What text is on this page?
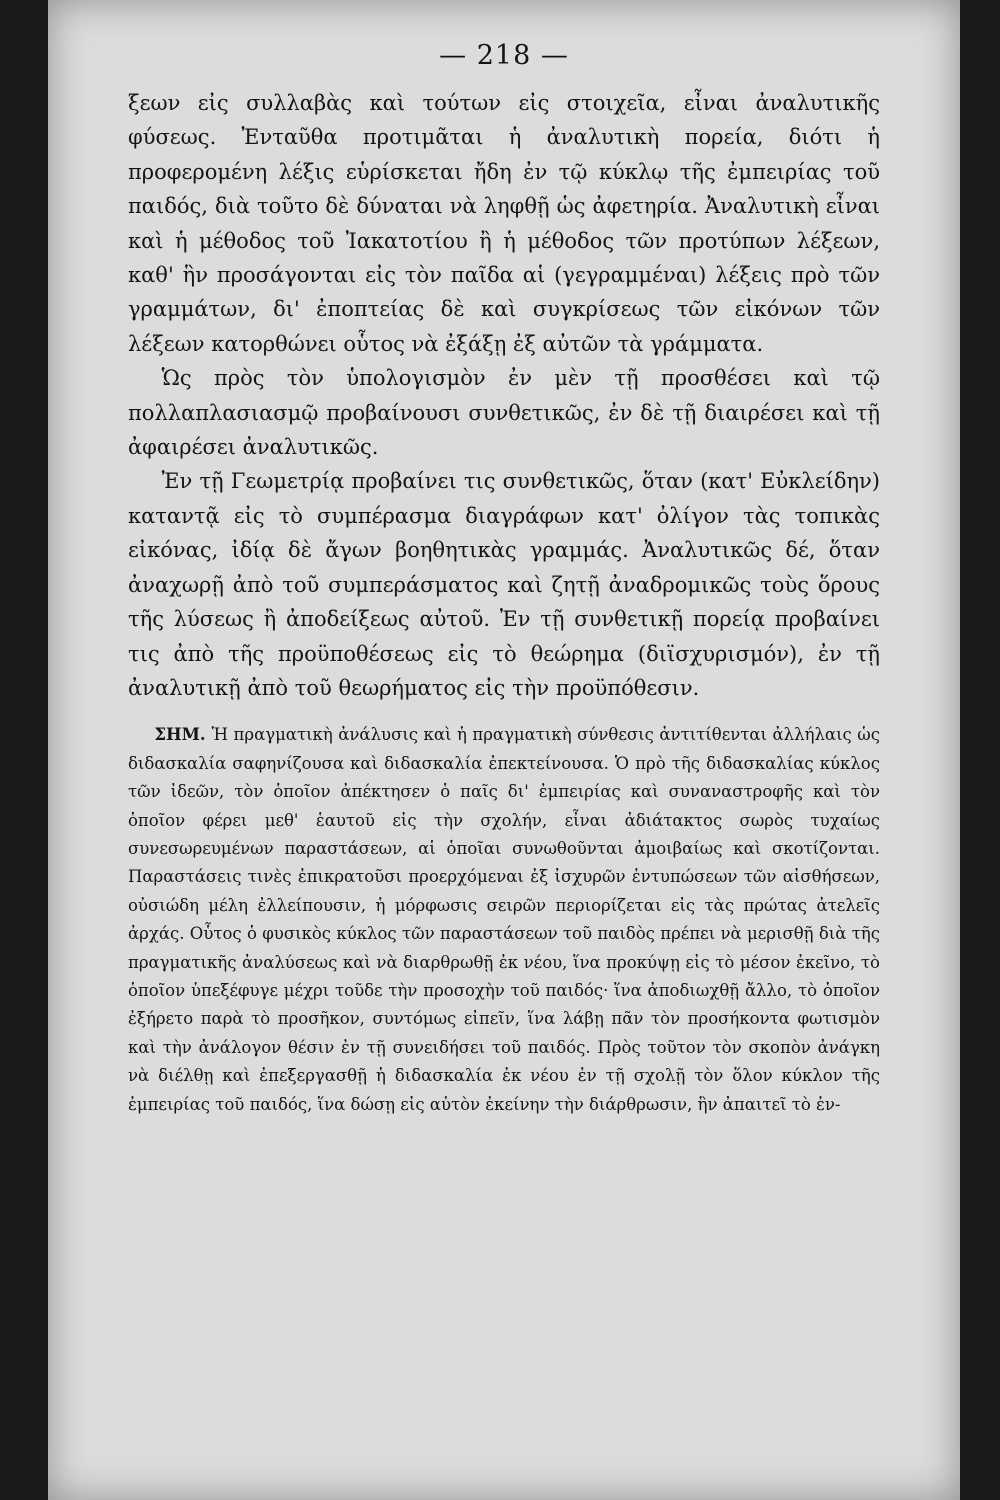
— 218 —

ξεων εἰς συλλαβὰς καὶ τούτων εἰς στοιχεῖα, εἶναι ἀναλυτικῆς φύσεως. Ἐνταῦθα προτιμᾶται ἡ ἀναλυτικὴ πορεία, διότι ἡ προφερομένη λέξις εὑρίσκεται ἤδη ἐν τῷ κύκλῳ τῆς ἐμπειρίας τοῦ παιδός, διὰ τοῦτο δὲ δύναται νὰ ληφθῇ ὡς ἀφετηρία. Ἀναλυτικὴ εἶναι καὶ ἡ μέθοδος τοῦ Ἰακατοτίου ἢ ἡ μέθοδος τῶν προτύπων λέξεων, καθ' ἣν προσάγονται εἰς τὸν παῖδα αἱ (γεγραμμέναι) λέξεις πρὸ τῶν γραμμάτων, δι' ἐποπτείας δὲ καὶ συγκρίσεως τῶν εἰκόνων τῶν λέξεων κατορθώνει οὗτος νὰ ἐξάξῃ ἐξ αὐτῶν τὰ γράμματα.

Ὡς πρὸς τὸν ὑπολογισμὸν ἐν μὲν τῇ προσθέσει καὶ τῷ πολλαπλασιασμῷ προβαίνουσι συνθετικῶς, ἐν δὲ τῇ διαιρέσει καὶ τῇ ἀφαιρέσει ἀναλυτικῶς.

Ἐν τῇ Γεωμετρίᾳ προβαίνει τις συνθετικῶς, ὅταν (κατ' Εὐκλείδην) καταντᾷ εἰς τὸ συμπέρασμα διαγράφων κατ' ὀλίγον τὰς τοπικὰς εἰκόνας, ἰδίᾳ δὲ ἄγων βοηθητικὰς γραμμάς. Ἀναλυτικῶς δέ, ὅταν ἀναχωρῇ ἀπὸ τοῦ συμπεράσματος καὶ ζητῇ ἀναδρομικῶς τοὺς ὅρους τῆς λύσεως ἢ ἀποδείξεως αὐτοῦ. Ἐν τῇ συνθετικῇ πορείᾳ προβαίνει τις ἀπὸ τῆς προϋποθέσεως εἰς τὸ θεώρημα (διϊσχυρισμόν), ἐν τῇ ἀναλυτικῇ ἀπὸ τοῦ θεωρήματος εἰς τὴν προϋπόθεσιν.

ΣΗΜ. Ἡ πραγματικὴ ἀνάλυσις καὶ ἡ πραγματικὴ σύνθεσις ἀντιτίθενται ἀλλήλαις ὡς διδασκαλία σαφηνίζουσα καὶ διδασκαλία ἐπεκτείνουσα. Ὁ πρὸ τῆς διδασκαλίας κύκλος τῶν ἰδεῶν, τὸν ὁποῖον ἀπέκτησεν ὁ παῖς δι' ἐμπειρίας καὶ συναναστροφῆς καὶ τὸν ὁποῖον φέρει μεθ' ἑαυτοῦ εἰς τὴν σχολήν, εἶναι ἀδιάτακτος σωρὸς τυχαίως συνεσωρευμένων παραστάσεων, αἱ ὁποῖαι συνωθοῦνται ἀμοιβαίως καὶ σκοτίζονται. Παραστάσεις τινὲς ἐπικρατοῦσι προερχόμεναι ἐξ ἰσχυρῶν ἐντυπώσεων τῶν αἰσθήσεων, οὐσιώδη μέλη ἐλλείπουσιν, ἡ μόρφωσις σειρῶν περιορίζεται εἰς τὰς πρώτας ἀτελεῖς ἀρχάς. Οὗτος ὁ φυσικὸς κύκλος τῶν παραστάσεων τοῦ παιδὸς πρέπει νὰ μερισθῇ διὰ τῆς πραγματικῆς ἀναλύσεως καὶ νὰ διαρθρωθῇ ἐκ νέου, ἵνα προκύψῃ εἰς τὸ μέσον ἐκεῖνο, τὸ ὁποῖον ὑπεξέφυγε μέχρι τοῦδε τὴν προσοχὴν τοῦ παιδός· ἵνα ἀποδιωχθῇ ἄλλο, τὸ ὁποῖον ἐξήρετο παρὰ τὸ προσῆκον, συντόμως εἰπεῖν, ἵνα λάβῃ πᾶν τὸν προσήκοντα φωτισμὸν καὶ τὴν ἀνάλογον θέσιν ἐν τῇ συνειδήσει τοῦ παιδός. Πρὸς τοῦτον τὸν σκοπὸν ἀνάγκη νὰ διέλθῃ καὶ ἐπεξεργασθῇ ἡ διδασκαλία ἐκ νέου ἐν τῇ σχολῇ τὸν ὅλον κύκλον τῆς ἐμπειρίας τοῦ παιδός, ἵνα δώσῃ εἰς αὐτὸν ἐκείνην τὴν διάρθρωσιν, ἣν ἀπαιτεῖ τὸ ἐν-
